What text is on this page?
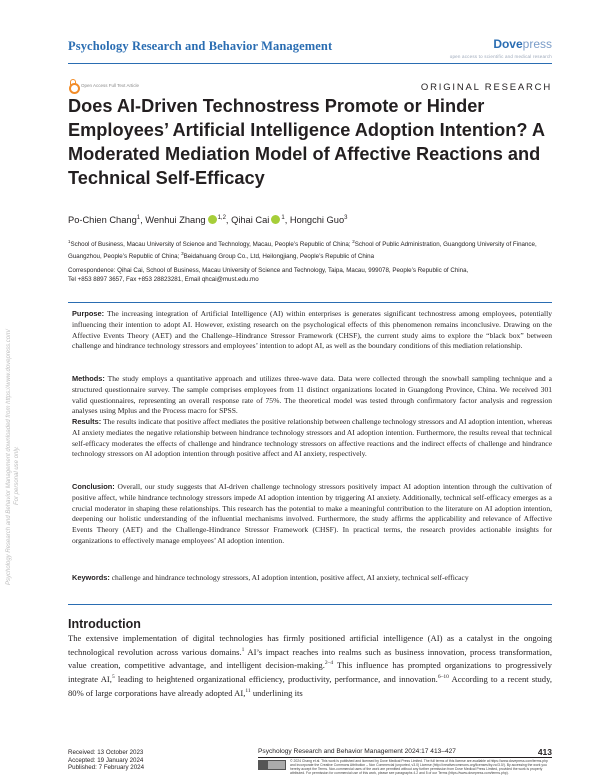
Psychology Research and Behavior Management	Dovepress
open access to scientific and medical research
Open Access Full Text Article	ORIGINAL RESEARCH
Does AI-Driven Technostress Promote or Hinder Employees’ Artificial Intelligence Adoption Intention? A Moderated Mediation Model of Affective Reactions and Technical Self-Efficacy
Po-Chien Chang$^1$, Wenhui Zhang $^{1,2}$, Qihai Cai $^1$, Hongchi Guo$^3$
$^1$School of Business, Macau University of Science and Technology, Macau, People’s Republic of China; $^2$School of Public Administration, Guangdong University of Finance, Guangzhou, People’s Republic of China; $^3$Beidahuang Group Co., Ltd, Heilongjiang, People’s Republic of China
Correspondence: Qihai Cai, School of Business, Macau University of Science and Technology, Taipa, Macau, 999078, People’s Republic of China,
Tel +853 8897 3657, Fax +853 28823281, Email qhcai@must.edu.mo

Purpose: The increasing integration of Artificial Intelligence (AI) within enterprises is generates significant technostress among employees, potentially influencing their intention to adopt AI. However, existing research on the psychological effects of this phenomenon remains inconclusive. Drawing on the Affective Events Theory (AET) and the Challenge–Hindrance Stressor Framework (CHSF), the current study aims to explore the “black box” between challenge and hindrance technology stressors and employees’ intention to adopt AI, as well as the boundary conditions of this mediation relationship.

Methods: The study employs a quantitative approach and utilizes three-wave data. Data were collected through the snowball sampling technique and a structured questionnaire survey. The sample comprises employees from 11 distinct organizations located in Guangdong Province, China. We received 301 valid questionnaires, representing an overall response rate of 75%. The theoretical model was tested through confirmatory factor analysis and regression analyses using Mplus and the Process macro for SPSS.

Results: The results indicate that positive affect mediates the positive relationship between challenge technology stressors and AI adoption intention, whereas AI anxiety mediates the negative relationship between hindrance technology stressors and AI adoption intention. Furthermore, the results reveal that technical self-efficacy moderates the effects of challenge and hindrance technology stressors on affective reactions and the indirect effects of challenge and hindrance technology stressors on AI adoption intention through positive affect and AI anxiety, respectively.

Conclusion: Overall, our study suggests that AI-driven challenge technology stressors positively impact AI adoption intention through the cultivation of positive affect, while hindrance technology stressors impede AI adoption intention by triggering AI anxiety. Additionally, technical self-efficacy emerges as a crucial moderator in shaping these relationships. This research has the potential to make a meaningful contribution to the literature on AI adoption intention, deepening our holistic understanding of the influential mechanisms involved. Furthermore, the study affirms the applicability and relevance of Affective Events Theory (AET) and the Challenge-Hindrance Stressor Framework (CHSF). In practical terms, the research provides actionable insights for organizations to effectively manage employees’ AI adoption intention.

Keywords: challenge and hindrance technology stressors, AI adoption intention, positive affect, AI anxiety, technical self-efficacy

Introduction

The extensive implementation of digital technologies has firmly positioned artificial intelligence (AI) as a catalyst in the ongoing technological revolution across various domains.$^1$ AI’s impact reaches into realms such as business innovation, process transformation, value creation, competitive advantage, and intelligent decision-making.$^{2-4}$ This influence has prompted organizations to progressively integrate AI,$^5$ leading to heightened organizational efficiency, productivity, performance, and innovation.$^{6-10}$ According to a recent study, 80% of large corporations have already adopted AI,$^{11}$ underlining its

Received: 13 October 2023
Accepted: 19 January 2024
Published: 7 February 2024
Psychology Research and Behavior Management 2024:17 413–427	413
© 2024 Chang et al. This work is published and licensed by Dove Medical Press Limited. The full terms of this license are available at https://www.dovepress.com/terms.php and incorporate the Creative Commons Attribution – Non Commercial (unported, v3.0) License (http://creativecommons.org/licenses/by-nc/3.0/). By accessing the work you hereby accept the Terms. Non-commercial uses of the work are permitted without any further permission from Dove Medical Press Limited, provided the work is properly attributed. For permission for commercial use of this work, please see paragraphs 4.2 and 5 of our Terms (https://www.dovepress.com/terms.php).
Psychology Research and Behavior Management downloaded from https://www.dovepress.com/ For personal use only.
